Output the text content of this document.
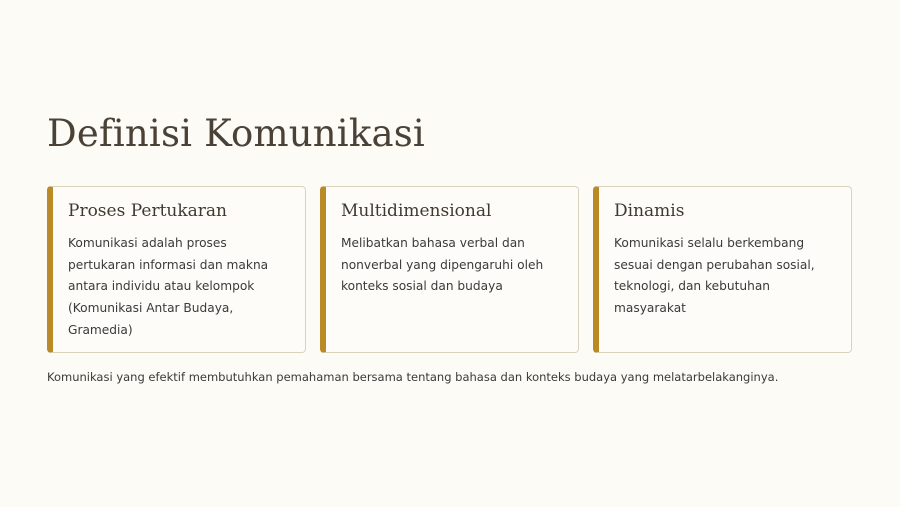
Definisi Komunikasi
Proses Pertukaran

Komunikasi adalah proses pertukaran informasi dan makna antara individu atau kelompok (Komunikasi Antar Budaya, Gramedia)

Multidimensional

Melibatkan bahasa verbal dan nonverbal yang dipengaruhi oleh konteks sosial dan budaya

Dinamis

Komunikasi selalu berkembang sesuai dengan perubahan sosial, teknologi, dan kebutuhan masyarakat

Komunikasi yang efektif membutuhkan pemahaman bersama tentang bahasa dan konteks budaya yang melatarbelakanginya.
